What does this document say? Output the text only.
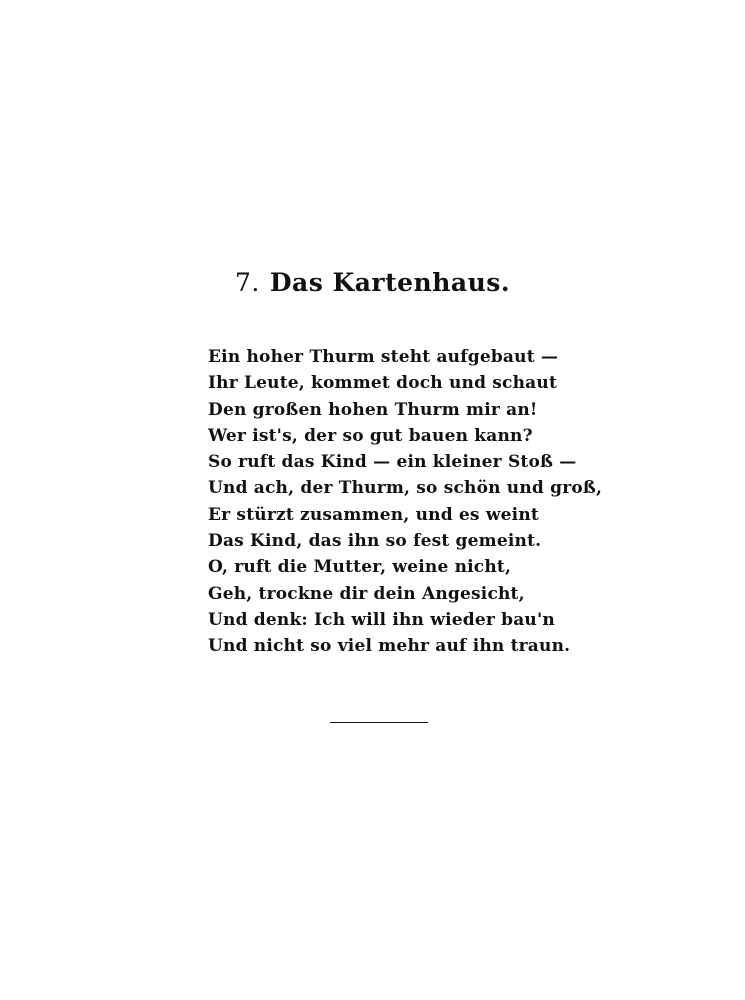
7. Das Kartenhaus.
Ein hoher Thurm steht aufgebaut —
Ihr Leute, kommet doch und schaut
Den großen hohen Thurm mir an!
Wer ist's, der so gut bauen kann?
So ruft das Kind — ein kleiner Stoß —
Und ach, der Thurm, so schön und groß,
Er stürzt zusammen, und es weint
Das Kind, das ihn so fest gemeint.
O, ruft die Mutter, weine nicht,
Geh, trockne dir dein Angesicht,
Und denk: Ich will ihn wieder bau'n
Und nicht so viel mehr auf ihn traun.
